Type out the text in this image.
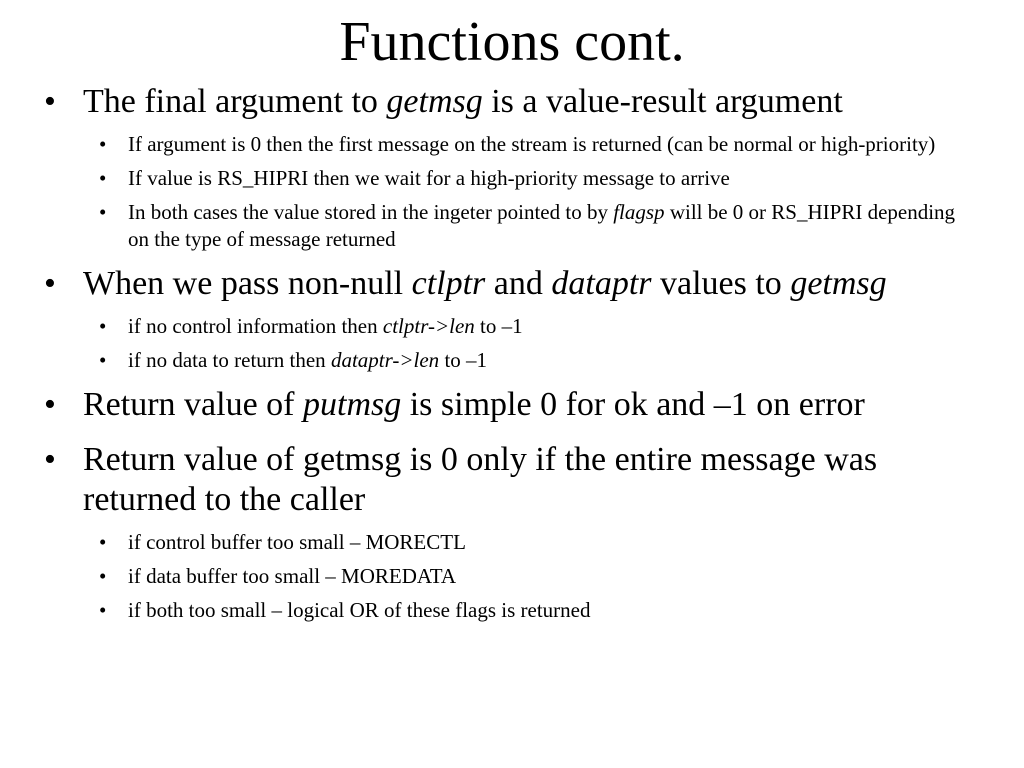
Functions cont.

• The final argument to getmsg is a value-result argument

• If argument is 0 then the first message on the stream is returned (can be normal or high-priority)

• If value is RS_HIPRI then we wait for a high-priority message to arrive

• In both cases the value stored in the ingeter pointed to by flagsp will be 0 or RS_HIPRI depending on the type of message returned

• When we pass non-null ctlptr and dataptr values to getmsg

• if no control information then ctlptr->len to –1

• if no data to return then dataptr->len to –1

• Return value of putmsg is simple 0 for ok and –1 on error

• Return value of getmsg is 0 only if the entire message was returned to the caller

• if control buffer too small – MORECTL

• if data buffer too small – MOREDATA

• if both too small – logical OR of these flags is returned
